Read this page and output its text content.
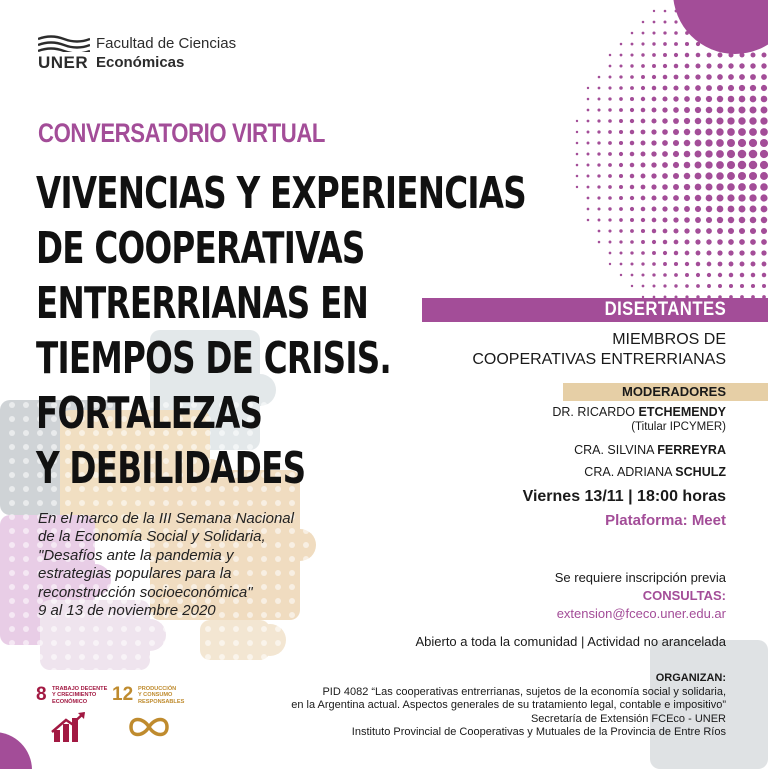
UNER
Facultad de Ciencias
Económicas
CONVERSATORIO VIRTUAL
VIVENCIAS Y EXPERIENCIAS
DE COOPERATIVAS
ENTRERRIANAS EN
TIEMPOS DE CRISIS.
FORTALEZAS
Y DEBILIDADES
En el marco de la III Semana Nacional
de la Economía Social y Solidaria,
"Desafíos ante la pandemia y
estrategias populares para la
reconstrucción socioeconómica"
9 al 13 de noviembre 2020
DISERTANTES
MIEMBROS DE
COOPERATIVAS ENTRERRIANAS
MODERADORES
DR. RICARDO ETCHEMENDY
(Titular IPCYMER)
CRA. SILVINA FERREYRA
CRA. ADRIANA SCHULZ
Viernes 13/11 | 18:00 horas
Plataforma: Meet
Se requiere inscripción previa
CONSULTAS:
extension@fceco.uner.edu.ar
Abierto a toda la comunidad | Actividad no arancelada
ORGANIZAN:
PID 4082 “Las cooperativas entrerrianas, sujetos de la economía social y solidaria,
en la Argentina actual. Aspectos generales de su tratamiento legal, contable e impositivo”
Secretaría de Extensión FCEco - UNER
Instituto Provincial de Cooperativas y Mutuales de la Provincia de Entre Ríos
8 TRABAJO DECENTE
Y CRECIMIENTO
ECONÓMICO	12 PRODUCCIÓN
Y CONSUMO
RESPONSABLES
